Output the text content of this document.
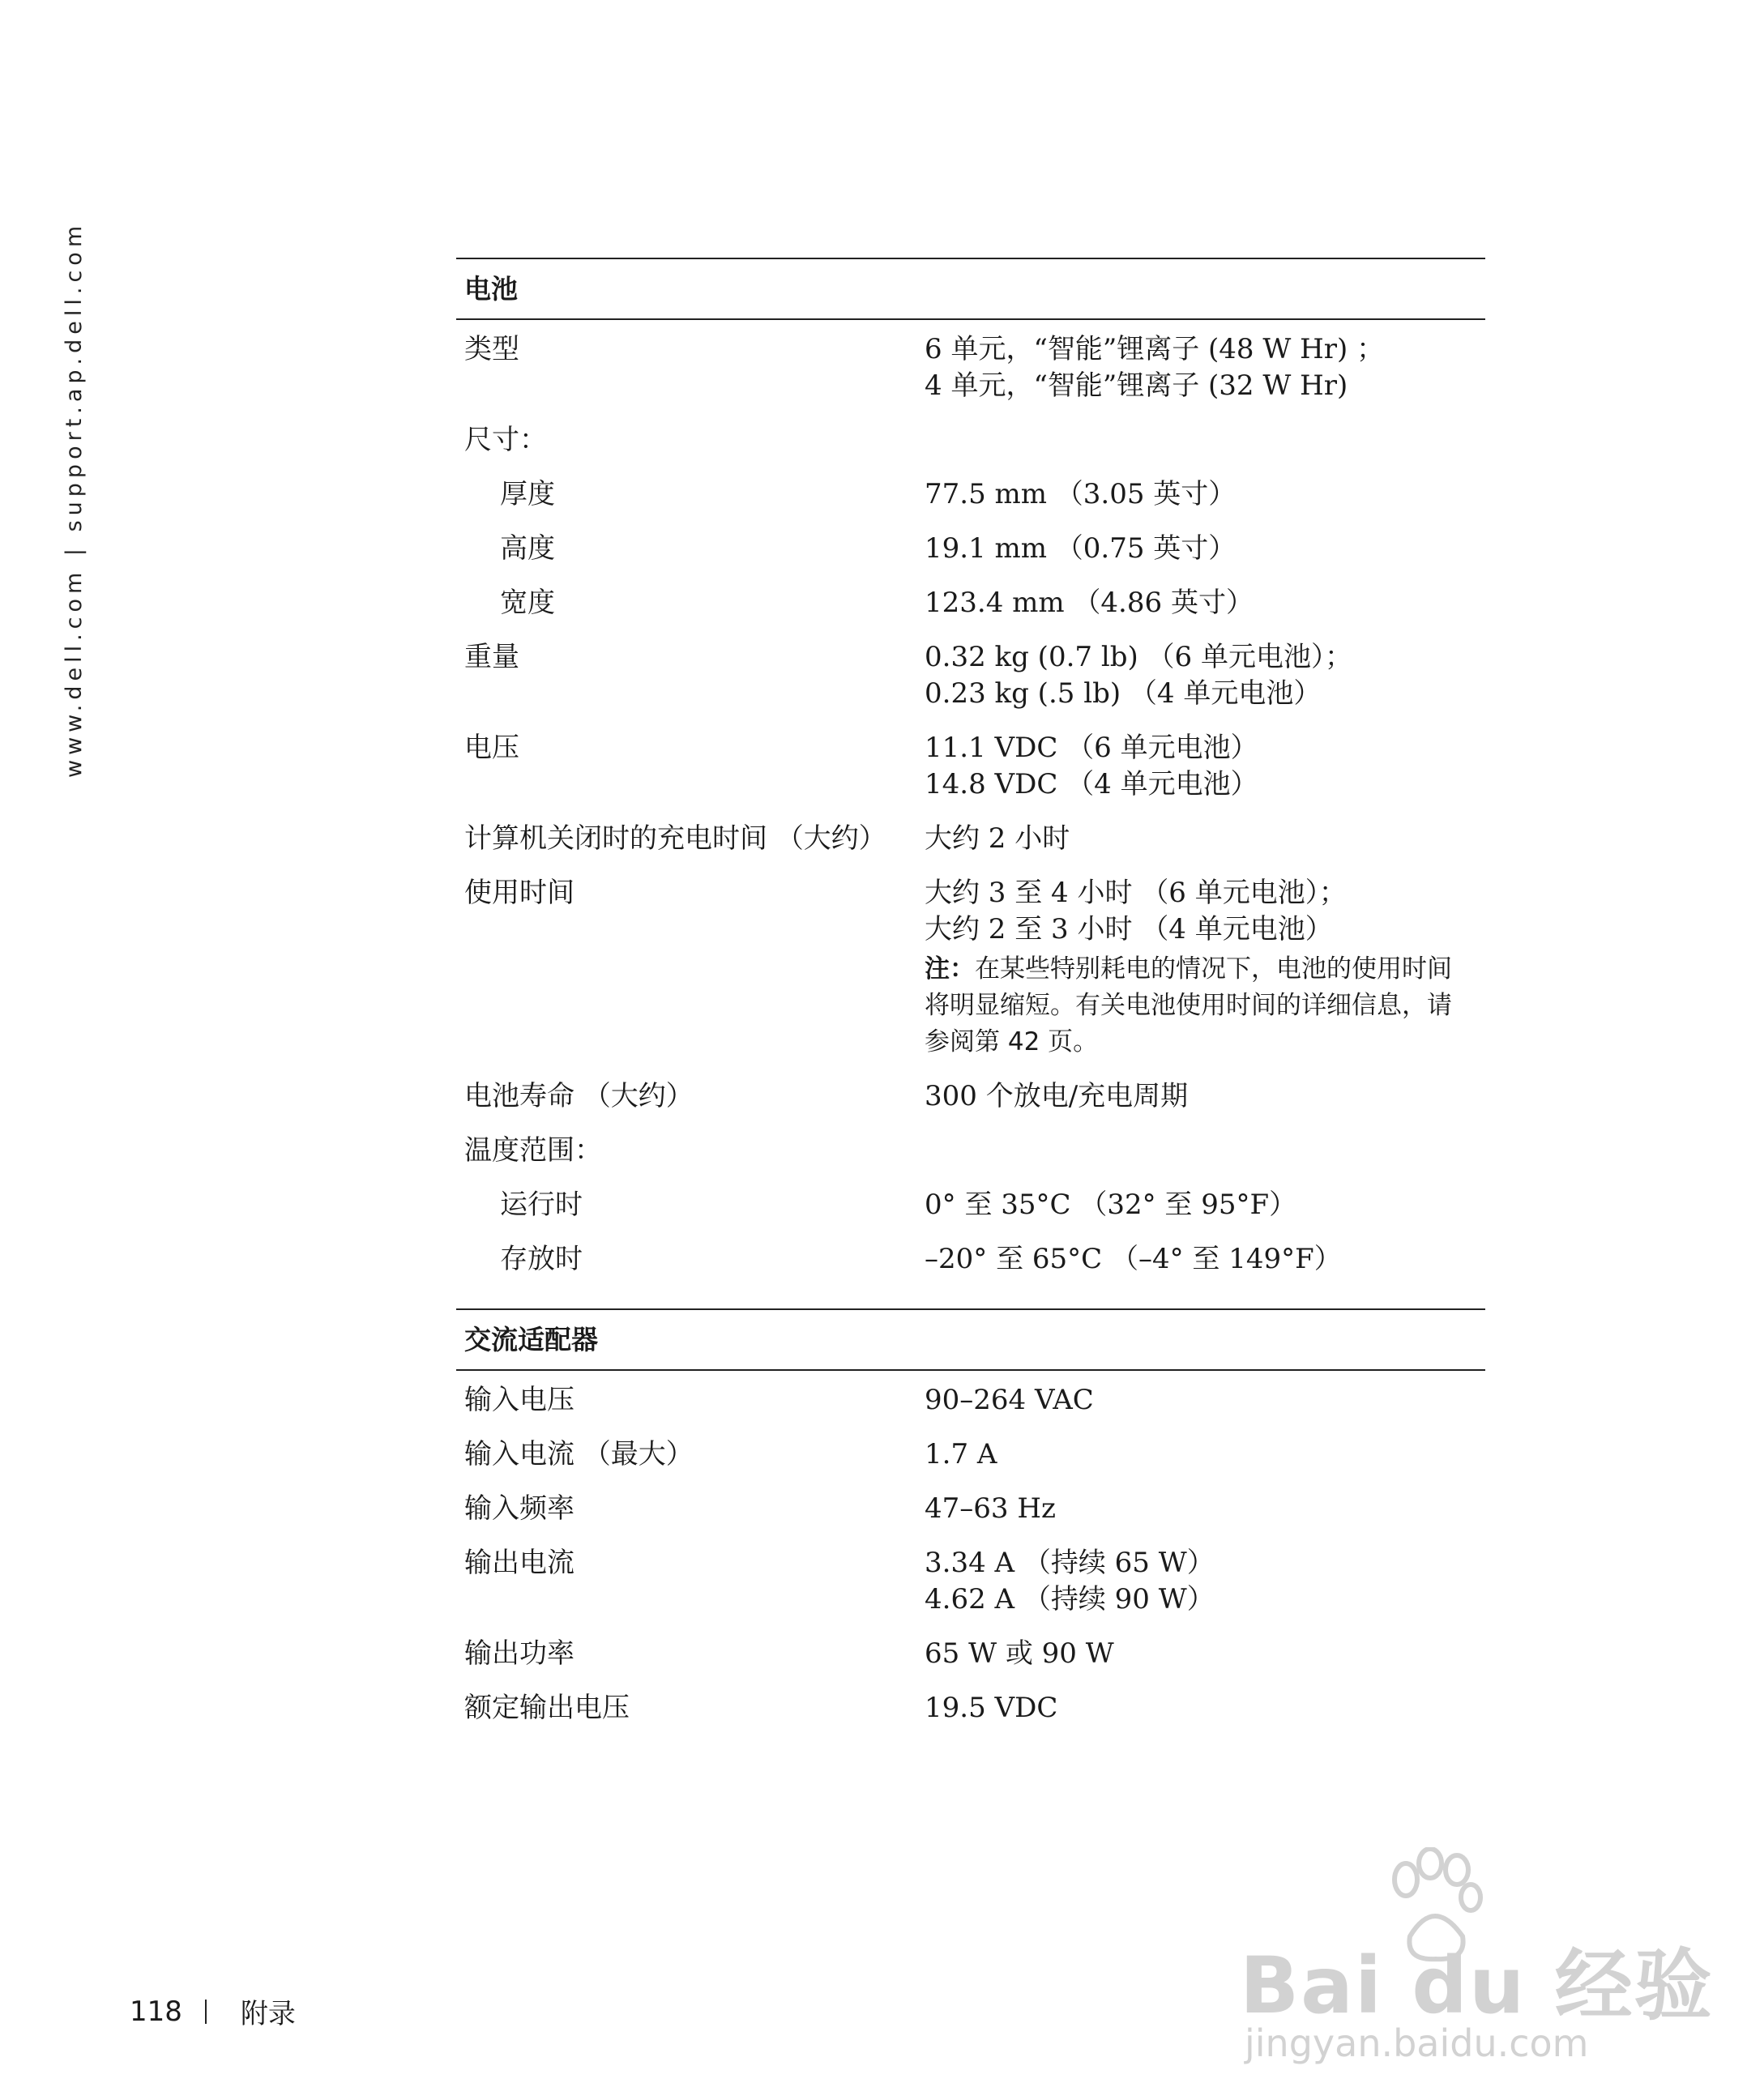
www.dell.com | support.ap.dell.com	电池
类型	6 单元，“智能”锂离子 (48 W Hr) ；
4 单元，“智能”锂离子 (32 W Hr)
尺寸：
厚度	77.5 mm （3.05 英寸）
高度	19.1 mm （0.75 英寸）
宽度	123.4 mm （4.86 英寸）
重量	0.32 kg (0.7 lb) （6 单元电池）；
0.23 kg (.5 lb) （4 单元电池）
电压	11.1 VDC （6 单元电池）
14.8 VDC （4 单元电池）
计算机关闭时的充电时间 （大约）	大约 2 小时
使用时间	大约 3 至 4 小时 （6 单元电池）；
大约 2 至 3 小时 （4 单元电池）
注：在某些特别耗电的情况下，电池的使用时间将明显缩短。有关电池使用时间的详细信息，请参阅第 42 页。
电池寿命 （大约）	300 个放电/充电周期
温度范围：
运行时	0° 至 35°C （32° 至 95°F）
存放时	–20° 至 65°C （–4° 至 149°F）
交流适配器
输入电压	90–264 VAC
输入电流 （最大）	1.7 A
输入频率	47–63 Hz
输出电流	3.34 A （持续 65 W）
4.62 A （持续 90 W）
输出功率	65 W 或 90 W
额定输出电压	19.5 VDC
118 附录	Bai du 经验
jingyan.baidu.com
